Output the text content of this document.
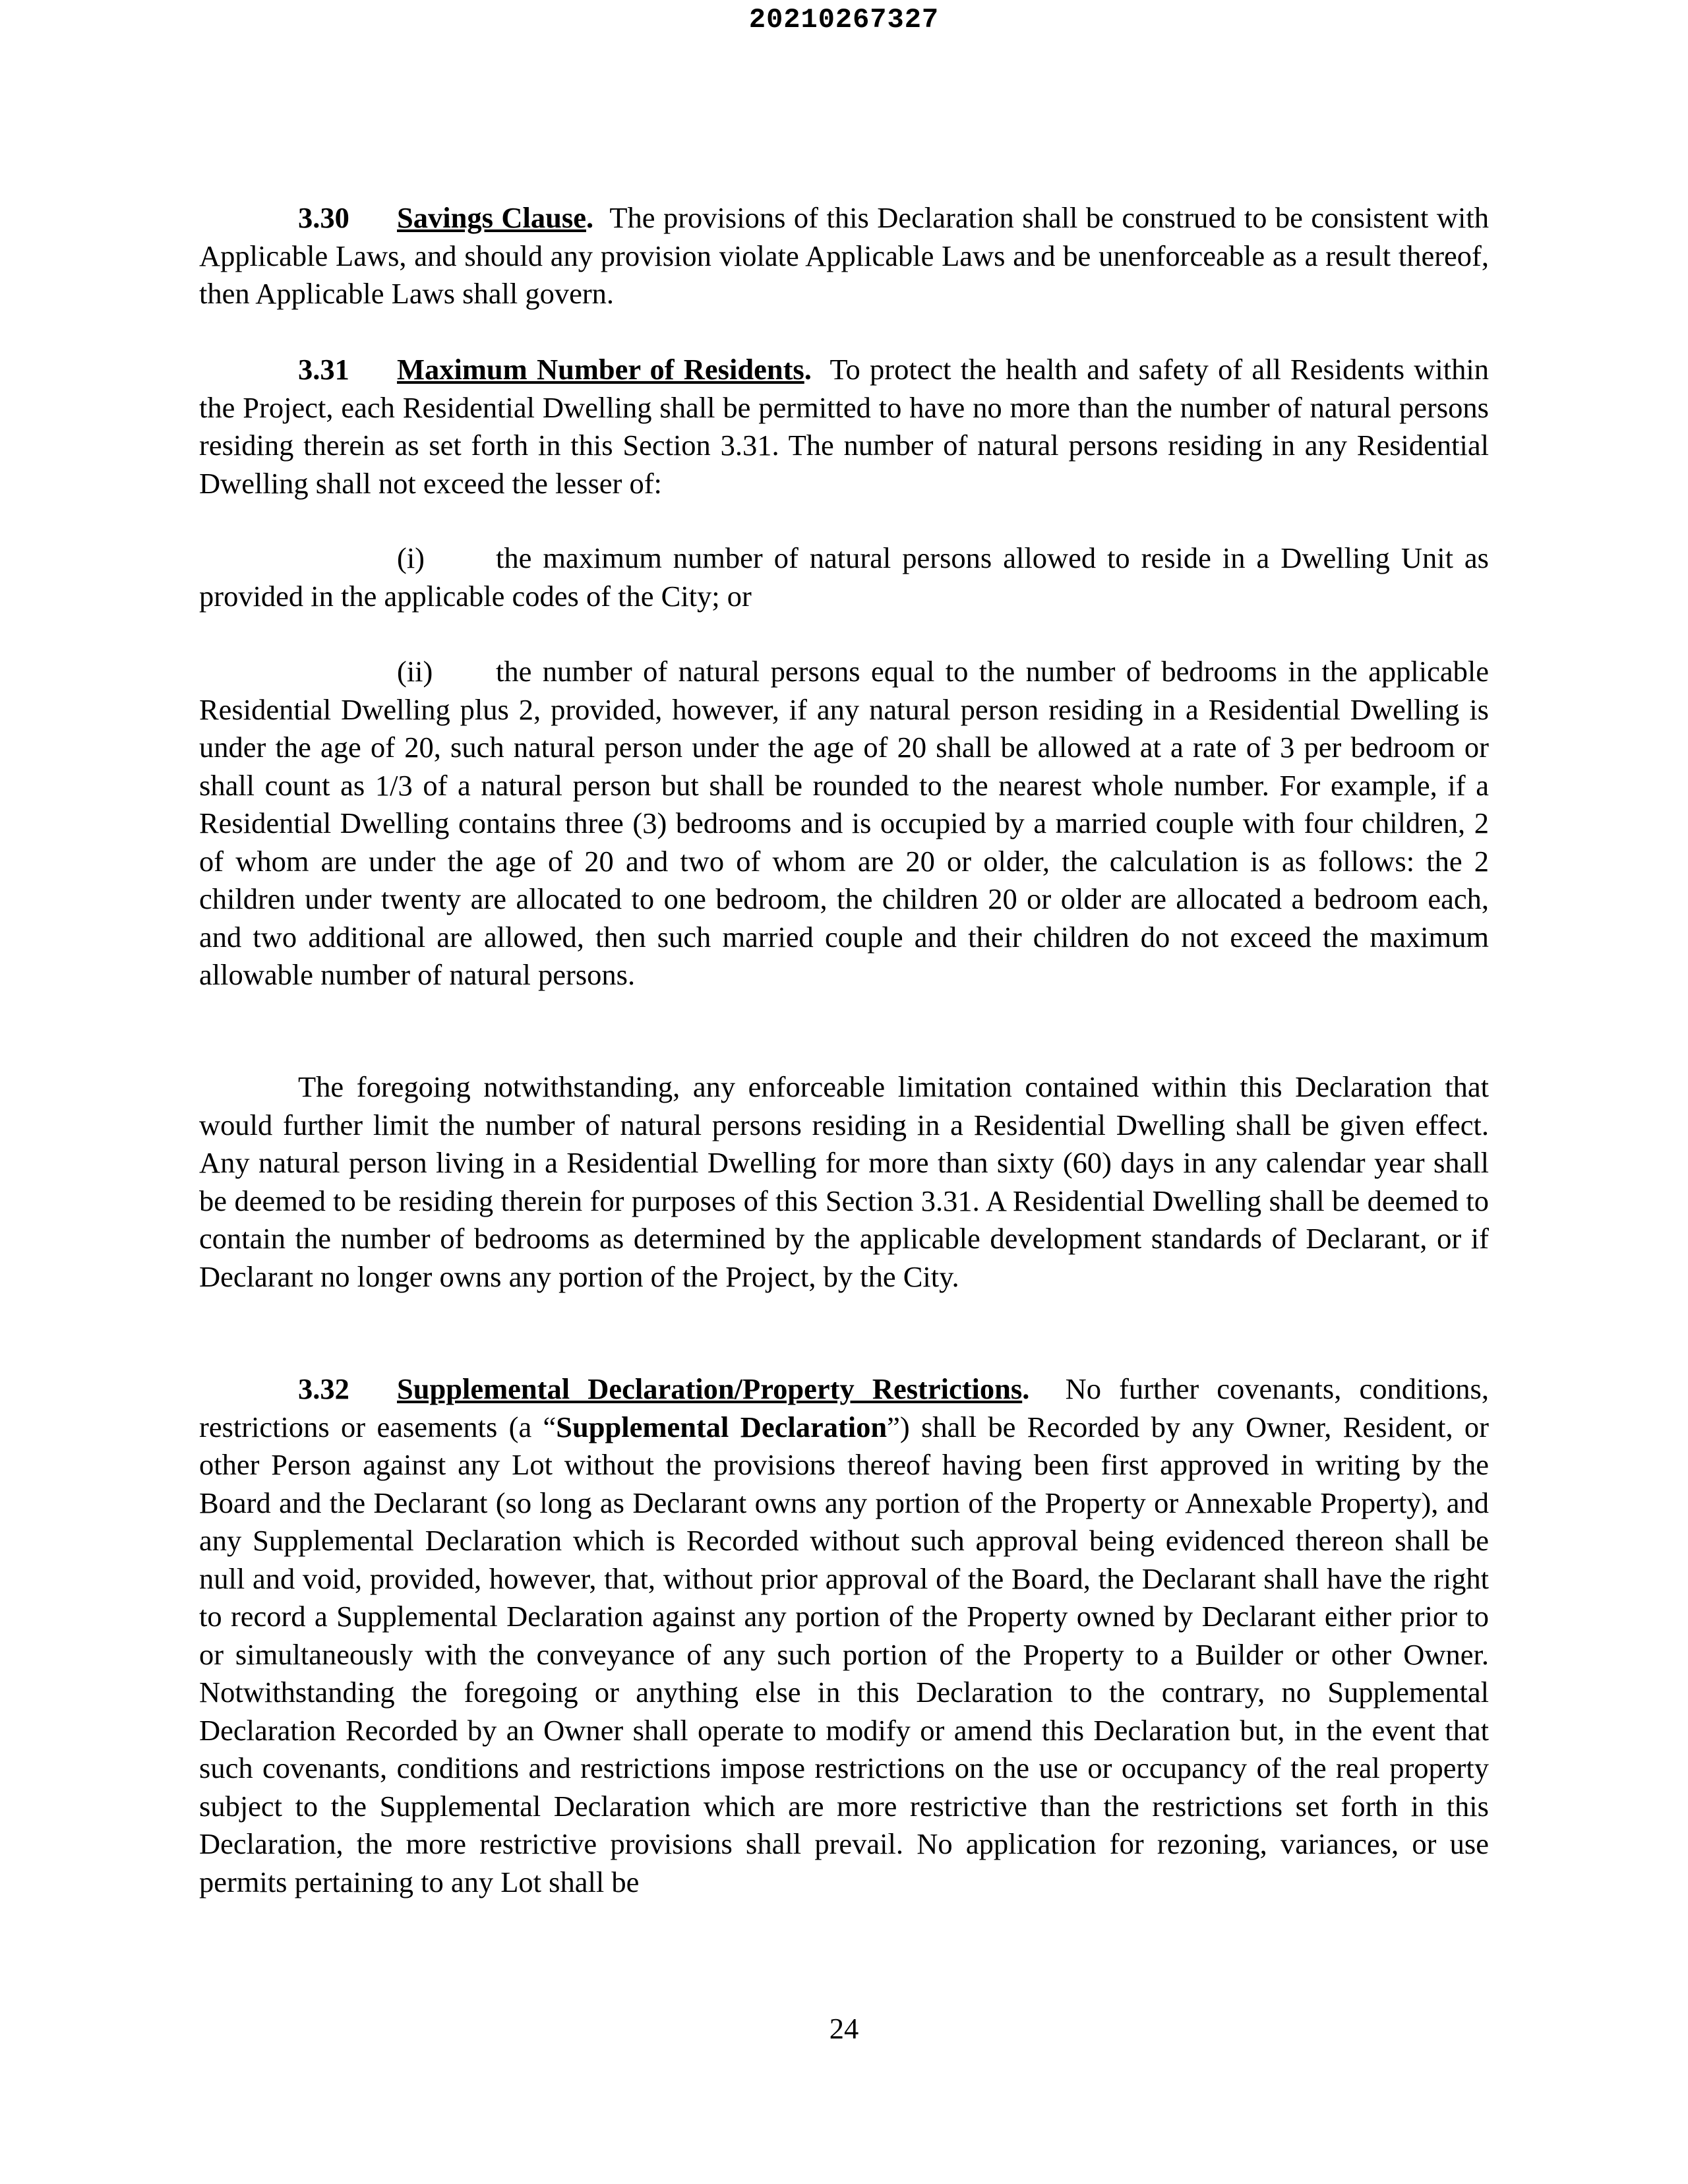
20210267327

3.30 Savings Clause. The provisions of this Declaration shall be construed to be consistent with Applicable Laws, and should any provision violate Applicable Laws and be unenforceable as a result thereof, then Applicable Laws shall govern.

3.31 Maximum Number of Residents. To protect the health and safety of all Residents within the Project, each Residential Dwelling shall be permitted to have no more than the number of natural persons residing therein as set forth in this Section 3.31. The number of natural persons residing in any Residential Dwelling shall not exceed the lesser of:

(i) the maximum number of natural persons allowed to reside in a Dwelling Unit as provided in the applicable codes of the City; or

(ii) the number of natural persons equal to the number of bedrooms in the applicable Residential Dwelling plus 2, provided, however, if any natural person residing in a Residential Dwelling is under the age of 20, such natural person under the age of 20 shall be allowed at a rate of 3 per bedroom or shall count as 1/3 of a natural person but shall be rounded to the nearest whole number. For example, if a Residential Dwelling contains three (3) bedrooms and is occupied by a married couple with four children, 2 of whom are under the age of 20 and two of whom are 20 or older, the calculation is as follows: the 2 children under twenty are allocated to one bedroom, the children 20 or older are allocated a bedroom each, and two additional are allowed, then such married couple and their children do not exceed the maximum allowable number of natural persons.

The foregoing notwithstanding, any enforceable limitation contained within this Declaration that would further limit the number of natural persons residing in a Residential Dwelling shall be given effect. Any natural person living in a Residential Dwelling for more than sixty (60) days in any calendar year shall be deemed to be residing therein for purposes of this Section 3.31. A Residential Dwelling shall be deemed to contain the number of bedrooms as determined by the applicable development standards of Declarant, or if Declarant no longer owns any portion of the Project, by the City.

3.32 Supplemental Declaration/Property Restrictions. No further covenants, conditions, restrictions or easements (a “Supplemental Declaration”) shall be Recorded by any Owner, Resident, or other Person against any Lot without the provisions thereof having been first approved in writing by the Board and the Declarant (so long as Declarant owns any portion of the Property or Annexable Property), and any Supplemental Declaration which is Recorded without such approval being evidenced thereon shall be null and void, provided, however, that, without prior approval of the Board, the Declarant shall have the right to record a Supplemental Declaration against any portion of the Property owned by Declarant either prior to or simultaneously with the conveyance of any such portion of the Property to a Builder or other Owner. Notwithstanding the foregoing or anything else in this Declaration to the contrary, no Supplemental Declaration Recorded by an Owner shall operate to modify or amend this Declaration but, in the event that such covenants, conditions and restrictions impose restrictions on the use or occupancy of the real property subject to the Supplemental Declaration which are more restrictive than the restrictions set forth in this Declaration, the more restrictive provisions shall prevail. No application for rezoning, variances, or use permits pertaining to any Lot shall be

24
